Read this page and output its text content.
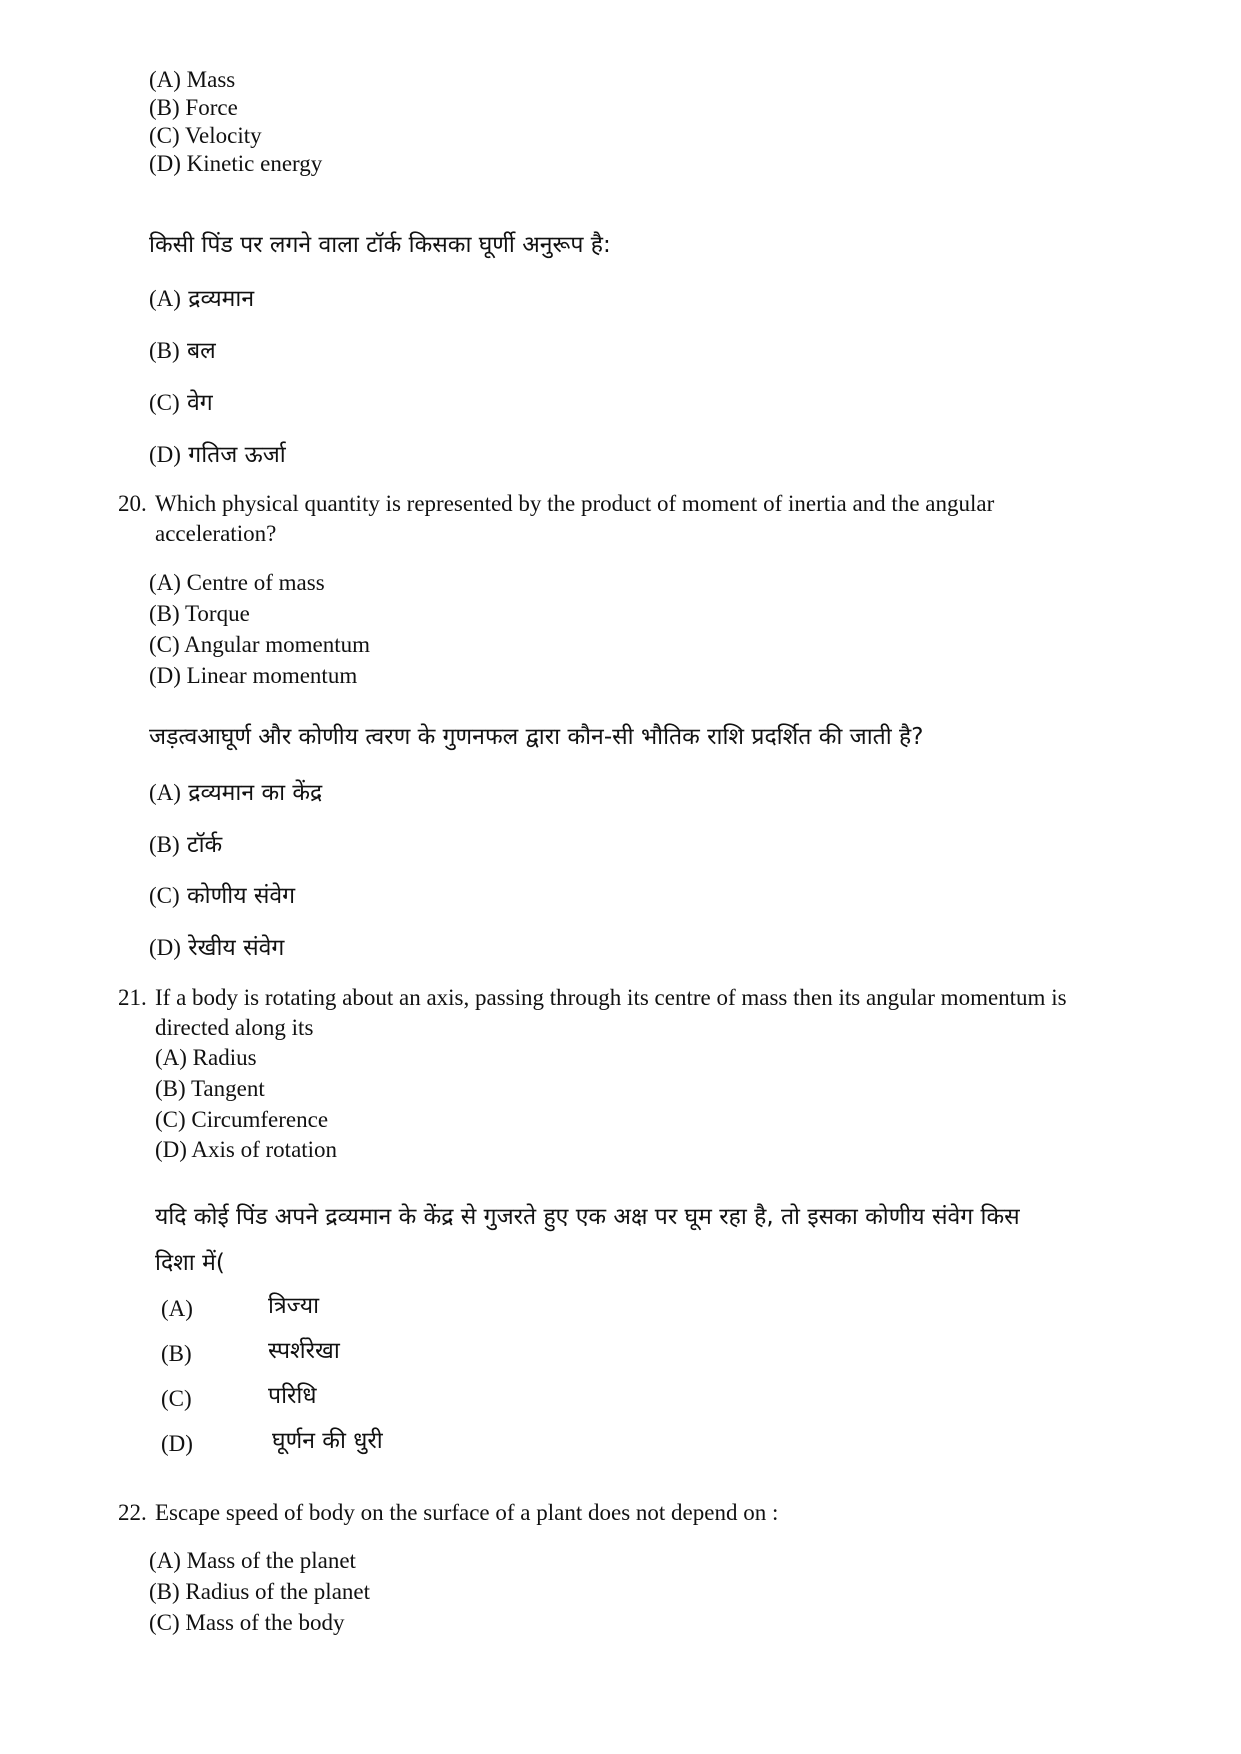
(A) Mass
(B) Force
(C) Velocity
(D) Kinetic energy
किसी पिंड पर लगने वाला टॉर्क किसका घूर्णी अनुरूप है:
(A) द्रव्यमान
(B) बल
(C) वेग
(D) गतिज ऊर्जा
20. Which physical quantity is represented by the product of moment of inertia and the angular
acceleration?
(A) Centre of mass
(B) Torque
(C) Angular momentum
(D) Linear momentum
जड़त्वआघूर्ण और कोणीय त्वरण के गुणनफल द्वारा कौन-सी भौतिक राशि प्रदर्शित की जाती है?
(A) द्रव्यमान का केंद्र
(B) टॉर्क
(C) कोणीय संवेग
(D) रेखीय संवेग
21. If a body is rotating about an axis, passing through its centre of mass then its angular momentum is
directed along its
(A) Radius
(B) Tangent
(C) Circumference
(D) Axis of rotation
यदि कोई पिंड अपने द्रव्यमान के केंद्र से गुजरते हुए एक अक्ष पर घूम रहा है, तो इसका कोणीय संवेग किस
दिशा में(
(A)	त्रिज्या
(B)	स्पर्शरेखा
(C)	परिधि
(D)	घूर्णन की धुरी
22. Escape speed of body on the surface of a plant does not depend on :
(A) Mass of the planet
(B) Radius of the planet
(C) Mass of the body
